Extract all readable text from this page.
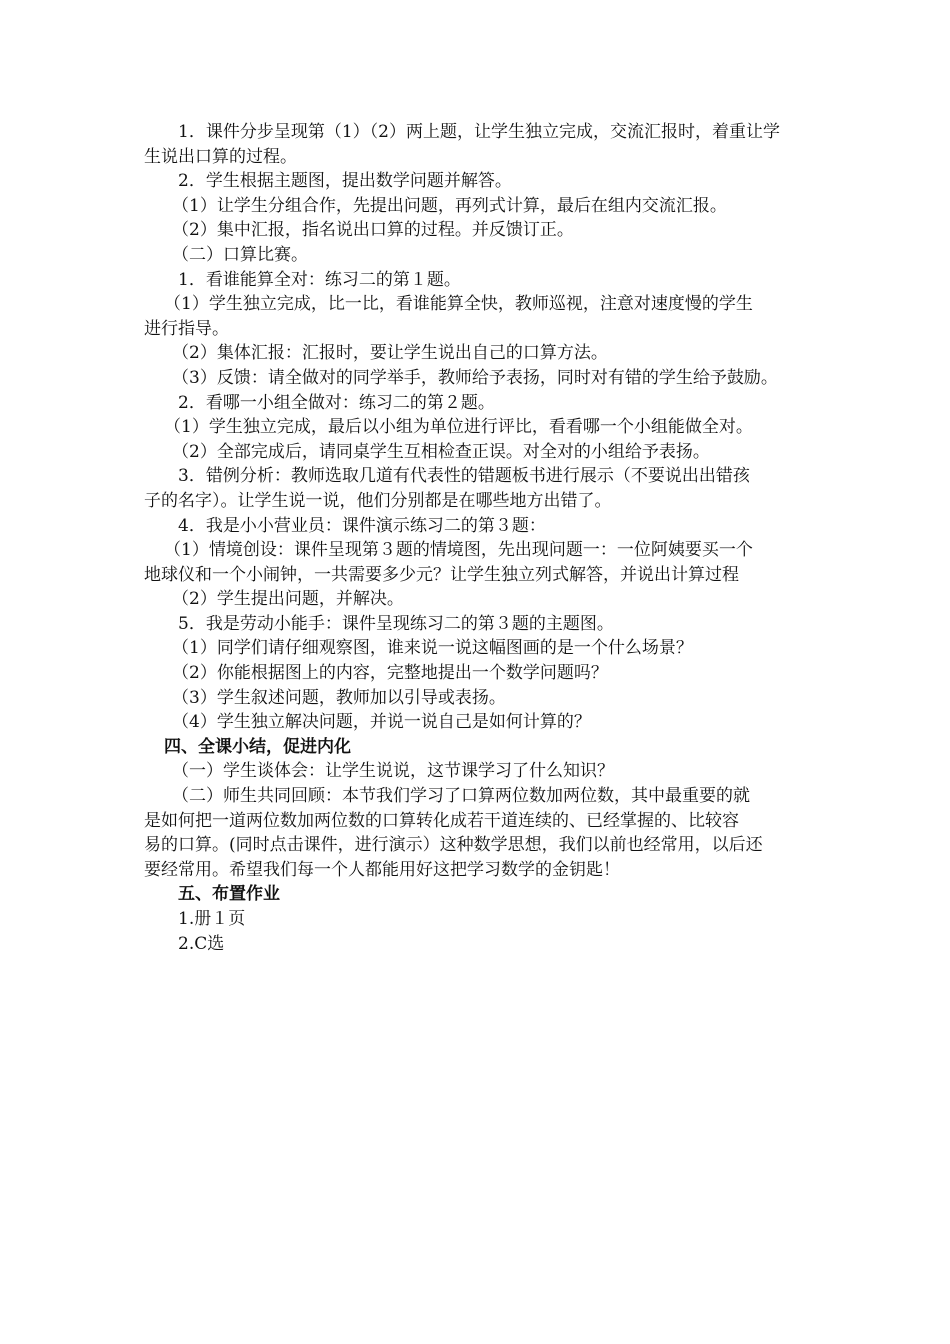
1．课件分步呈现第（1）（2）两上题，让学生独立完成，交流汇报时，着重让学
生说出口算的过程。
2．学生根据主题图，提出数学问题并解答。
（1）让学生分组合作，先提出问题，再列式计算，最后在组内交流汇报。
（2）集中汇报，指名说出口算的过程。并反馈订正。
（二）口算比赛。
1．看谁能算全对：练习二的第１题。
（1）学生独立完成，比一比，看谁能算全快，教师巡视，注意对速度慢的学生
进行指导。
（2）集体汇报：汇报时，要让学生说出自己的口算方法。
（3）反馈：请全做对的同学举手，教师给予表扬，同时对有错的学生给予鼓励。
2．看哪一小组全做对：练习二的第２题。
（1）学生独立完成，最后以小组为单位进行评比，看看哪一个小组能做全对。
（2）全部完成后，请同桌学生互相检查正误。对全对的小组给予表扬。
3．错例分析：教师选取几道有代表性的错题板书进行展示（不要说出出错孩
子的名字）。让学生说一说，他们分别都是在哪些地方出错了。
4．我是小小营业员：课件演示练习二的第３题：
（1）情境创设：课件呈现第３题的情境图，先出现问题一：一位阿姨要买一个
地球仪和一个小闹钟，一共需要多少元？让学生独立列式解答，并说出计算过程
（2）学生提出问题，并解决。
5．我是劳动小能手：课件呈现练习二的第３题的主题图。
（1）同学们请仔细观察图，谁来说一说这幅图画的是一个什么场景？
（2）你能根据图上的内容，完整地提出一个数学问题吗？
（3）学生叙述问题，教师加以引导或表扬。
（4）学生独立解决问题，并说一说自己是如何计算的？
四、全课小结，促进内化
（一）学生谈体会：让学生说说，这节课学习了什么知识？
（二）师生共同回顾：本节我们学习了口算两位数加两位数，其中最重要的就
是如何把一道两位数加两位数的口算转化成若干道连续的、已经掌握的、比较容
易的口算。(同时点击课件，进行演示）这种数学思想，我们以前也经常用，以后还
要经常用。希望我们每一个人都能用好这把学习数学的金钥匙！
五、布置作业
1.册１页
2.C选
